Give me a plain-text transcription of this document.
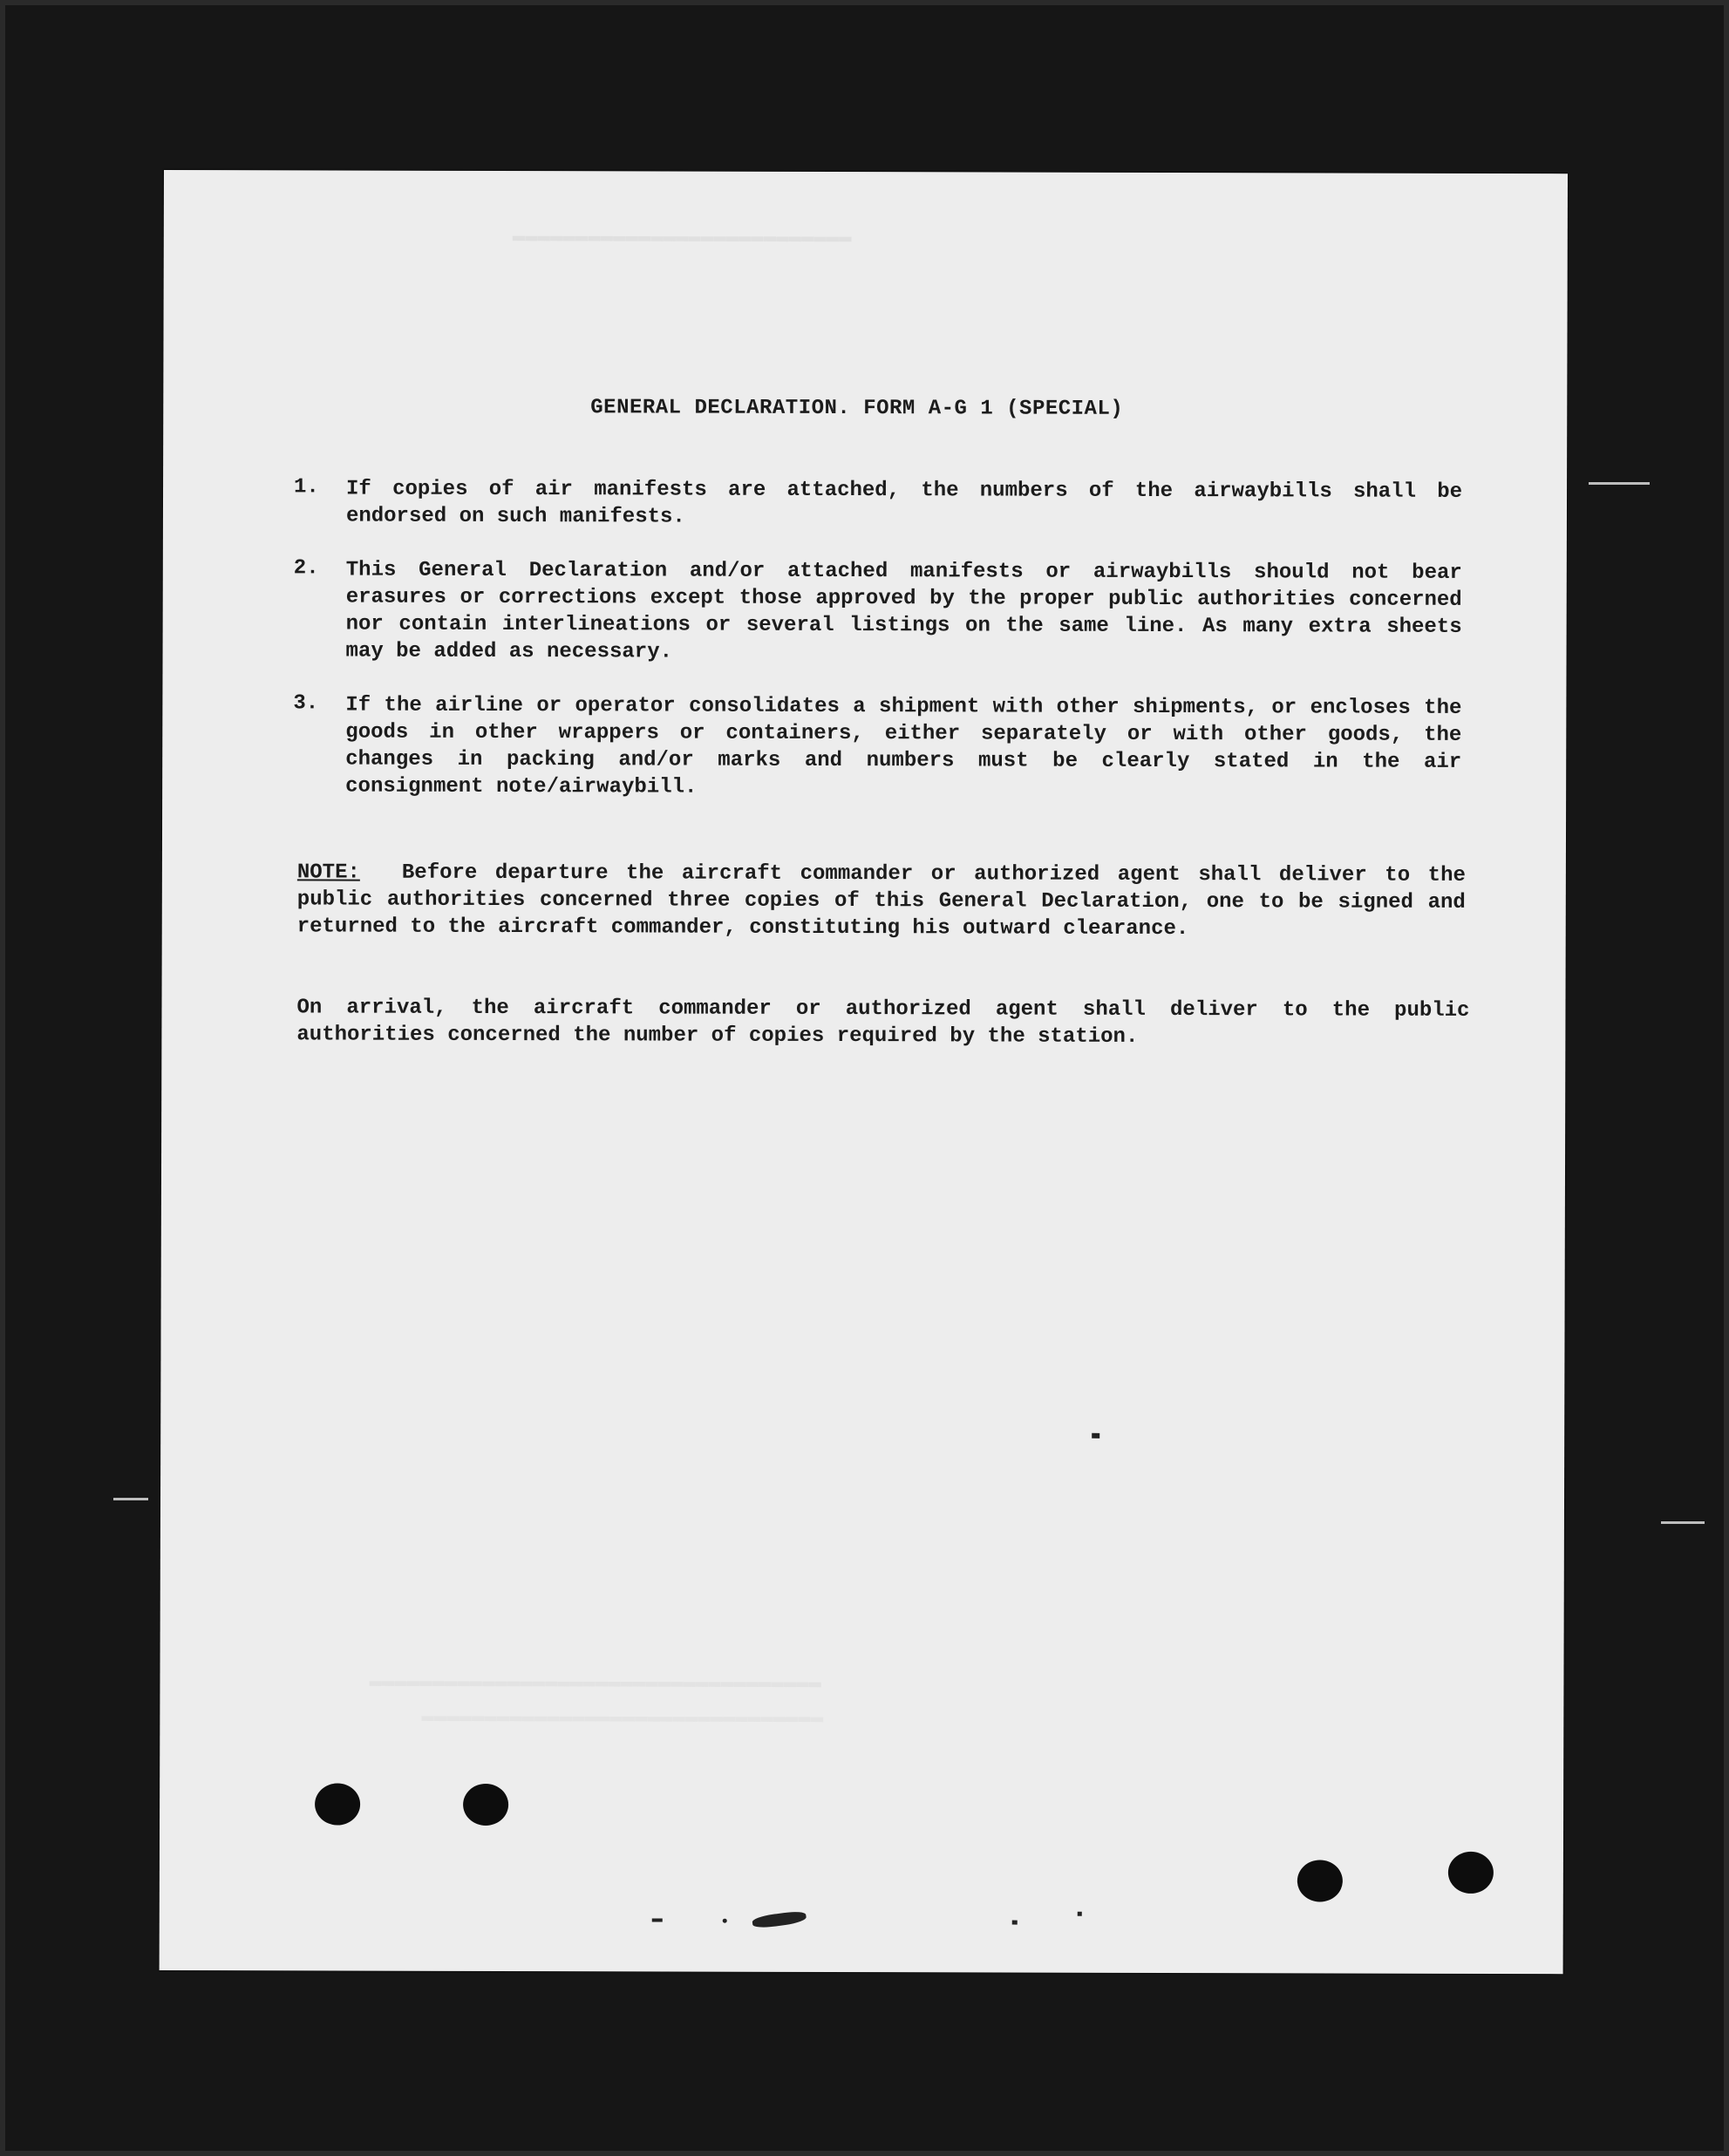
▬▬▬▬▬▬▬▬▬▬▬▬▬▬▬▬▬▬▬▬▬▬▬▬▬▬▬
▬▬▬▬▬▬▬▬▬▬▬▬▬▬▬▬▬▬▬▬▬▬▬▬▬▬▬▬▬▬▬▬▬▬▬▬
▬▬▬▬▬▬▬▬▬▬▬▬▬▬▬▬▬▬▬▬▬▬▬▬▬▬▬▬▬▬▬▬
GENERAL DECLARATION. FORM A-G 1 (SPECIAL)
1. If copies of air manifests are attached, the numbers of the airwaybills shall be endorsed on such manifests.

2. This General Declaration and/or attached manifests or airwaybills should not bear erasures or corrections except those approved by the proper public authorities concerned nor contain interlineations or several listings on the same line. As many extra sheets may be added as necessary.

3. If the airline or operator consolidates a shipment with other shipments, or encloses the goods in other wrappers or containers, either separately or with other goods, the changes in packing and/or marks and numbers must be clearly stated in the air consignment note/airwaybill.

NOTE: Before departure the aircraft commander or authorized agent shall deliver to the public authorities concerned three copies of this General Declaration, one to be signed and returned to the aircraft commander, constituting his outward clearance.

On arrival, the aircraft commander or authorized agent shall deliver to the public authorities concerned the number of copies required by the station.
